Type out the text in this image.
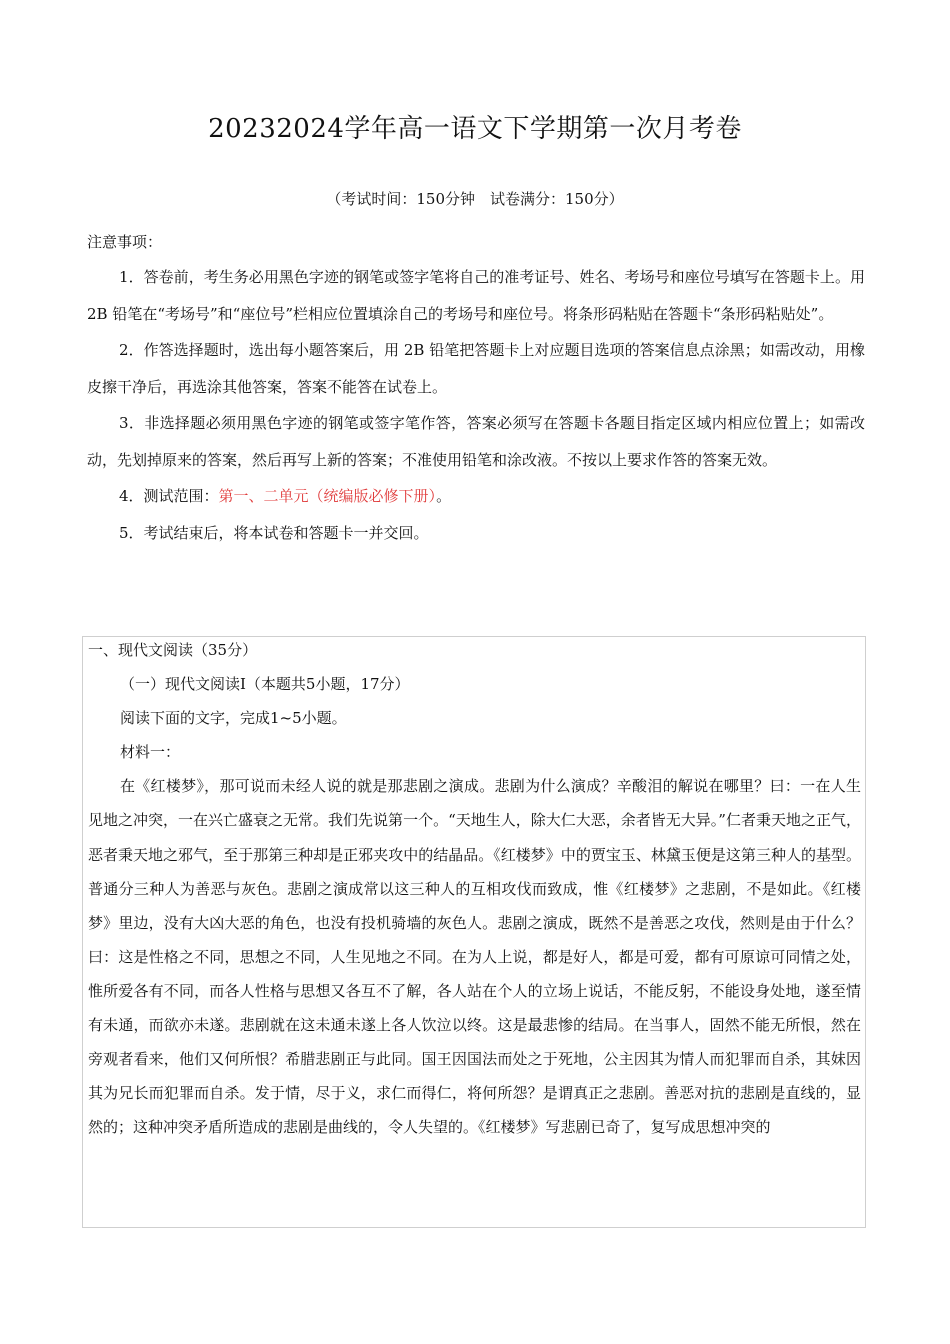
20232024学年高一语文下学期第一次月考卷
（考试时间：150分钟　试卷满分：150分）
注意事项：

1．答卷前，考生务必用黑色字迹的钢笔或签字笔将自己的准考证号、姓名、考场号和座位号填写在答题卡上。用 2B 铅笔在“考场号”和“座位号”栏相应位置填涂自己的考场号和座位号。将条形码粘贴在答题卡“条形码粘贴处”。

2．作答选择题时，选出每小题答案后，用 2B 铅笔把答题卡上对应题目选项的答案信息点涂黑；如需改动，用橡皮擦干净后，再选涂其他答案，答案不能答在试卷上。

3．非选择题必须用黑色字迹的钢笔或签字笔作答，答案必须写在答题卡各题目指定区域内相应位置上；如需改动，先划掉原来的答案，然后再写上新的答案；不准使用铅笔和涂改液。不按以上要求作答的答案无效。

4．测试范围：第一、二单元（统编版必修下册）。

5．考试结束后，将本试卷和答题卡一并交回。

一、现代文阅读（35分）

（一）现代文阅读Ⅰ（本题共5小题，17分）

阅读下面的文字，完成1~5小题。

材料一：

在《红楼梦》，那可说而未经人说的就是那悲剧之演成。悲剧为什么演成？辛酸泪的解说在哪里？曰：一在人生见地之冲突，一在兴亡盛衰之无常。我们先说第一个。“天地生人，除大仁大恶，余者皆无大异。”仁者秉天地之正气，恶者秉天地之邪气，至于那第三种却是正邪夹攻中的结晶品。《红楼梦》中的贾宝玉、林黛玉便是这第三种人的基型。普通分三种人为善恶与灰色。悲剧之演成常以这三种人的互相攻伐而致成，惟《红楼梦》之悲剧，不是如此。《红楼梦》里边，没有大凶大恶的角色，也没有投机骑墙的灰色人。悲剧之演成，既然不是善恶之攻伐，然则是由于什么？曰：这是性格之不同，思想之不同，人生见地之不同。在为人上说，都是好人，都是可爱，都有可原谅可同情之处，惟所爱各有不同，而各人性格与思想又各互不了解，各人站在个人的立场上说话，不能反躬，不能设身处地，遂至情有未通，而欲亦未遂。悲剧就在这未通未遂上各人饮泣以终。这是最悲惨的结局。在当事人，固然不能无所恨，然在旁观者看来，他们又何所恨？希腊悲剧正与此同。国王因国法而处之于死地，公主因其为情人而犯罪而自杀，其妹因其为兄长而犯罪而自杀。发于情，尽于义，求仁而得仁，将何所怨？是谓真正之悲剧。善恶对抗的悲剧是直线的，显然的；这种冲突矛盾所造成的悲剧是曲线的，令人失望的。《红楼梦》写悲剧已奇了，复写成思想冲突的
